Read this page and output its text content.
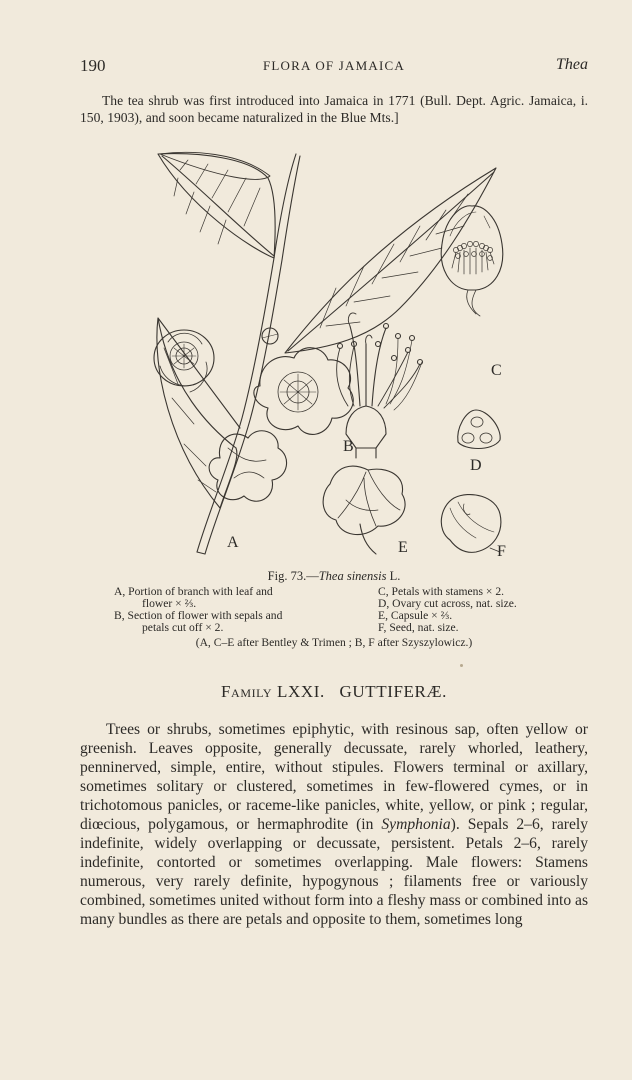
190	FLORA OF JAMAICA	Thea
The tea shrub was first introduced into Jamaica in 1771 (Bull. Dept. Agric. Jamaica, i. 150, 1903), and soon became naturalized in the Blue Mts.]
A
B
C
D
E	F
Fig. 73.—Thea sinensis L.
A, Portion of branch with leaf and
flower × ⅔.
B, Section of flower with sepals and
petals cut off × 2.
C, Petals with stamens × 2.
D, Ovary cut across, nat. size.
E, Capsule × ⅔.
F, Seed, nat. size.
(A, C–E after Bentley & Trimen ; B, F after Szyszylowicz.)
Family LXXI. GUTTIFERÆ.

Trees or shrubs, sometimes epiphytic, with resinous sap, often yellow or greenish. Leaves opposite, generally decussate, rarely whorled, leathery, penninerved, simple, entire, without stipules. Flowers terminal or axillary, sometimes solitary or clustered, sometimes in few-flowered cymes, or in trichotomous panicles, or raceme-like panicles, white, yellow, or pink ; regular, diœcious, polygamous, or hermaphrodite (in Symphonia). Sepals 2–6, rarely indefinite, widely overlapping or decussate, persistent. Petals 2–6, rarely indefinite, contorted or sometimes overlapping. Male flowers: Stamens numerous, very rarely definite, hypogynous ; filaments free or variously combined, sometimes united without form into a fleshy mass or combined into as many bundles as there are petals and opposite to them, sometimes long
